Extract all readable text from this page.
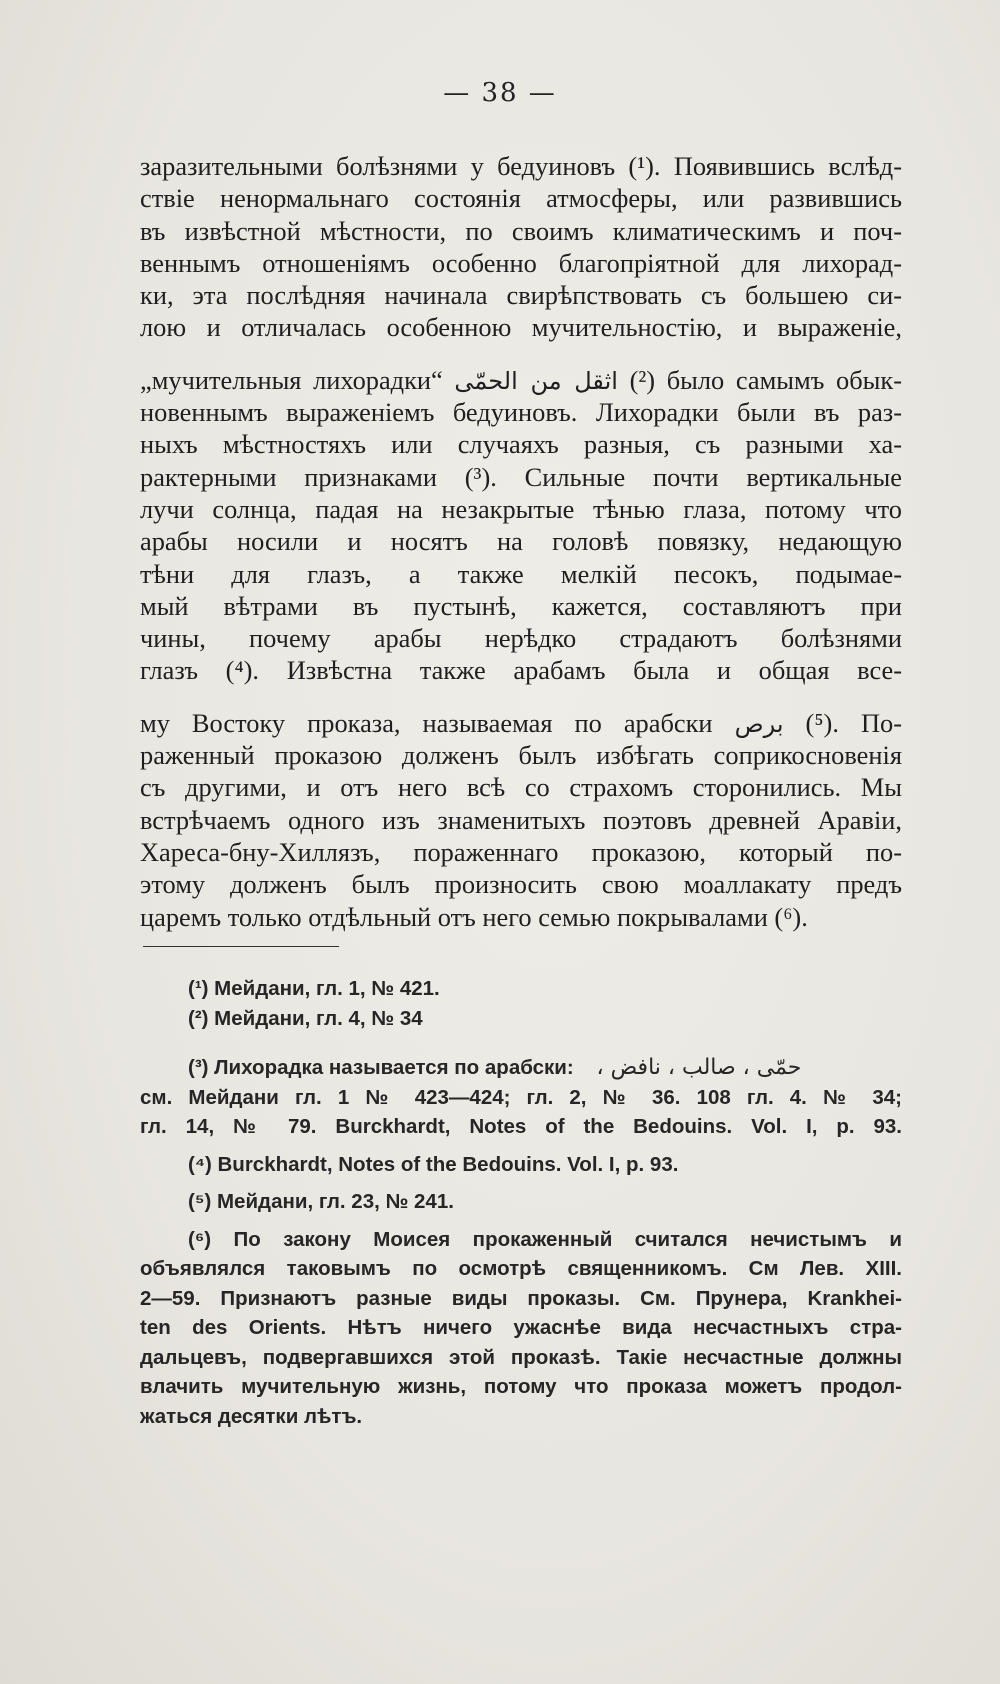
— 38 —
заразительными болѣзнями у бедуиновъ (¹). Появившись вслѣд-
ствіе ненормальнаго состоянія атмосферы, или развившись
въ извѣстной мѣстности, по своимъ климатическимъ и поч-
веннымъ отношеніямъ особенно благопріятной для лихорад-
ки, эта послѣдняя начинала свирѣпствовать съ большею си-
лою и отличалась особенною мучительностію, и выраженіе,
„мучительныя лихорадки“ اثقل من الحمّى (²) было самымъ обык-
новеннымъ выраженіемъ бедуиновъ. Лихорадки были въ раз-
ныхъ мѣстностяхъ или случаяхъ разныя, съ разными ха-
рактерными признаками (³). Сильные почти вертикальные
лучи солнца, падая на незакрытые тѣнью глаза, потому что
арабы носили и носятъ на головѣ повязку, недающую
тѣни для глазъ, а также мелкій песокъ, подымае-
мый вѣтрами въ пустынѣ, кажется, составляютъ при
чины, почему арабы нерѣдко страдаютъ болѣзнями
глазъ (⁴). Извѣстна также арабамъ была и общая все-
му Востоку проказа, называемая по арабски برص (⁵). По-
раженный проказою долженъ былъ избѣгать соприкосновенія
съ другими, и отъ него всѣ со страхомъ сторонились. Мы
встрѣчаемъ одного изъ знаменитыхъ поэтовъ древней Аравіи,
Хареса-бну-Хиллязъ, пораженнаго проказою, который по-
этому долженъ былъ произносить свою моаллакату предъ
царемъ только отдѣльный отъ него семью покрывалами (⁶).
(¹) Мейдани, гл. 1, № 421.
(²) Мейдани, гл. 4, № 34
(³) Лихорадка называется по арабски: حمّى ، صالب ، نافض ،
см. Мейдани гл. 1 № 423—424; гл. 2, № 36. 108 гл. 4. № 34;
гл. 14, № 79. Burckhardt, Notes of the Bedouins. Vol. I, p. 93.
(⁴) Burckhardt, Notes of the Bedouins. Vol. I, p. 93.
(⁵) Мейдани, гл. 23, № 241.
(⁶) По закону Моисея прокаженный считался нечистымъ и
объявлялся таковымъ по осмотрѣ священникомъ. См Лев. XIII.
2—59. Признаютъ разные виды проказы. См. Прунера, Krankhei-
ten des Orients. Нѣтъ ничего ужаснѣе вида несчастныхъ стра-
дальцевъ, подвергавшихся этой проказѣ. Такіе несчастные должны
влачить мучительную жизнь, потому что проказа можетъ продол-
жаться десятки лѣтъ.
